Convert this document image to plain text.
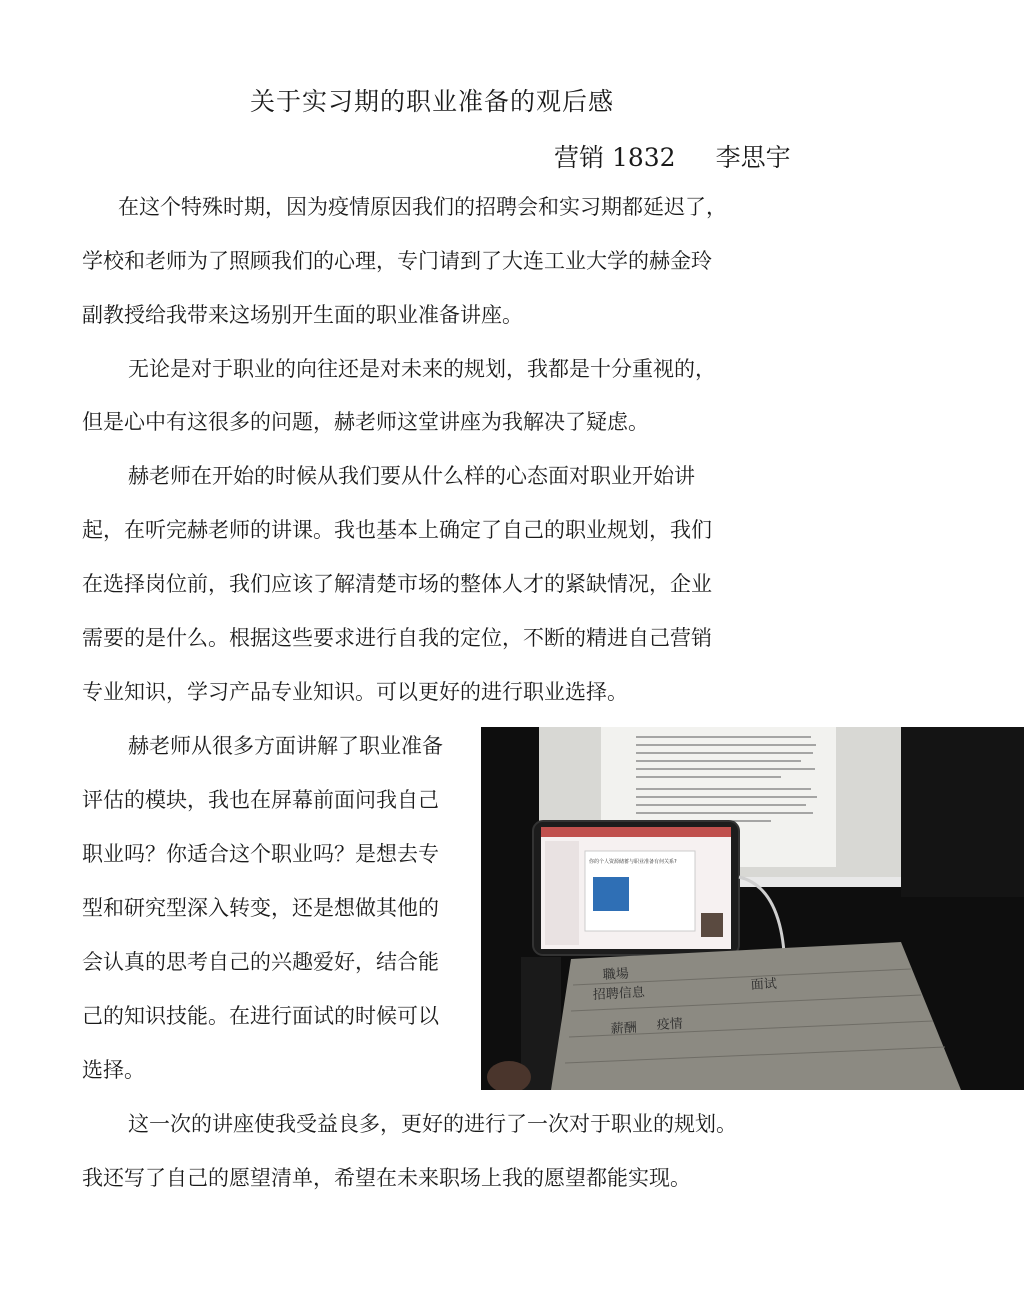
关于实习期的职业准备的观后感
营销 1832 李思宇
在这个特殊时期，因为疫情原因我们的招聘会和实习期都延迟了，
学校和老师为了照顾我们的心理，专门请到了大连工业大学的赫金玲
副教授给我带来这场别开生面的职业准备讲座。
无论是对于职业的向往还是对未来的规划，我都是十分重视的，
但是心中有这很多的问题，赫老师这堂讲座为我解决了疑虑。
赫老师在开始的时候从我们要从什么样的心态面对职业开始讲
起，在听完赫老师的讲课。我也基本上确定了自己的职业规划，我们
在选择岗位前，我们应该了解清楚市场的整体人才的紧缺情况，企业
需要的是什么。根据这些要求进行自我的定位，不断的精进自己营销
专业知识，学习产品专业知识。可以更好的进行职业选择。
赫老师从很多方面讲解了职业准备
评估的模块，我也在屏幕前面问我自己
职业吗？你适合这个职业吗？是想去专
型和研究型深入转变，还是想做其他的
会认真的思考自己的兴趣爱好，结合能
己的知识技能。在进行面试的时候可以
选择。
这一次的讲座使我受益良多，更好的进行了一次对于职业的规划。
我还写了自己的愿望清单，希望在未来职场上我的愿望都能实现。
你的个人资源储蓄与职业准备有何关系?
職場
招聘信息
薪酬 疫情
面试
